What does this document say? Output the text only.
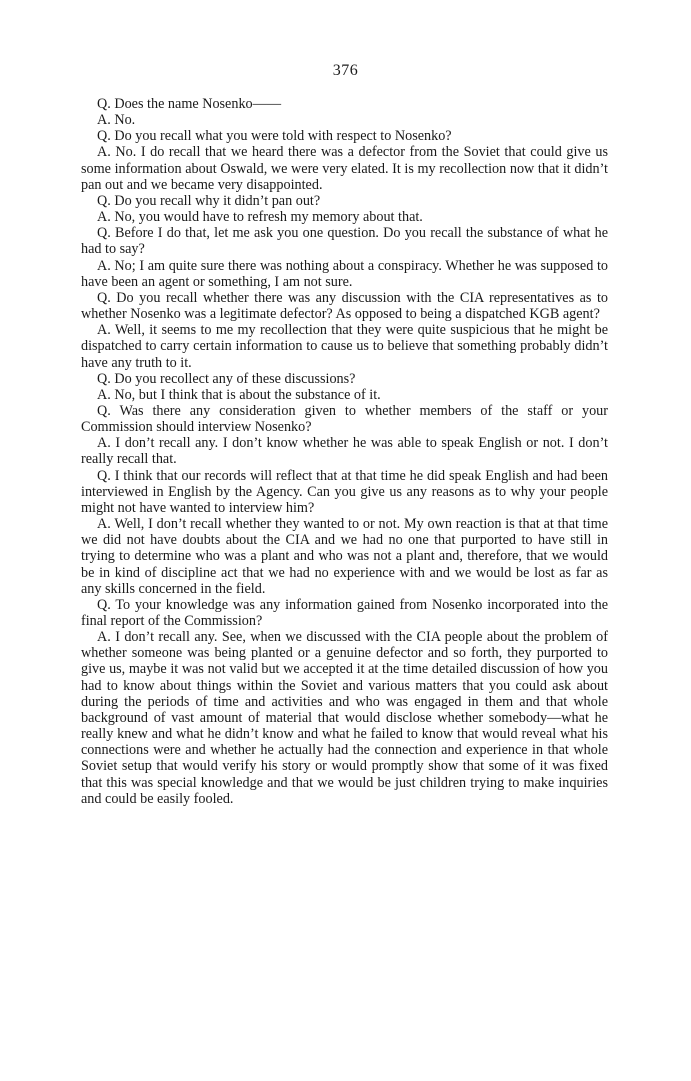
376

Q. Does the name Nosenko——

A. No.

Q. Do you recall what you were told with respect to Nosenko?

A. No. I do recall that we heard there was a defector from the Soviet that could give us some information about Oswald, we were very elated. It is my recollection now that it didn’t pan out and we became very disappointed.

Q. Do you recall why it didn’t pan out?

A. No, you would have to refresh my memory about that.

Q. Before I do that, let me ask you one question. Do you recall the substance of what he had to say?

A. No; I am quite sure there was nothing about a conspiracy. Whether he was supposed to have been an agent or something, I am not sure.

Q. Do you recall whether there was any discussion with the CIA representatives as to whether Nosenko was a legitimate defector? As opposed to being a dispatched KGB agent?

A. Well, it seems to me my recollection that they were quite suspicious that he might be dispatched to carry certain information to cause us to believe that something probably didn’t have any truth to it.

Q. Do you recollect any of these discussions?

A. No, but I think that is about the substance of it.

Q. Was there any consideration given to whether members of the staff or your Commission should interview Nosenko?

A. I don’t recall any. I don’t know whether he was able to speak English or not. I don’t really recall that.

Q. I think that our records will reflect that at that time he did speak English and had been interviewed in English by the Agency. Can you give us any reasons as to why your people might not have wanted to interview him?

A. Well, I don’t recall whether they wanted to or not. My own reaction is that at that time we did not have doubts about the CIA and we had no one that purported to have still in trying to determine who was a plant and who was not a plant and, therefore, that we would be in kind of discipline act that we had no experience with and we would be lost as far as any skills concerned in the field.

Q. To your knowledge was any information gained from Nosenko incorporated into the final report of the Commission?

A. I don’t recall any. See, when we discussed with the CIA people about the problem of whether someone was being planted or a genuine defector and so forth, they purported to give us, maybe it was not valid but we accepted it at the time detailed discussion of how you had to know about things within the Soviet and various matters that you could ask about during the periods of time and activities and who was engaged in them and that whole background of vast amount of material that would disclose whether somebody—what he really knew and what he didn’t know and what he failed to know that would reveal what his connections were and whether he actually had the connection and experience in that whole Soviet setup that would verify his story or would promptly show that some of it was fixed that this was special knowledge and that we would be just children trying to make inquiries and could be easily fooled.
